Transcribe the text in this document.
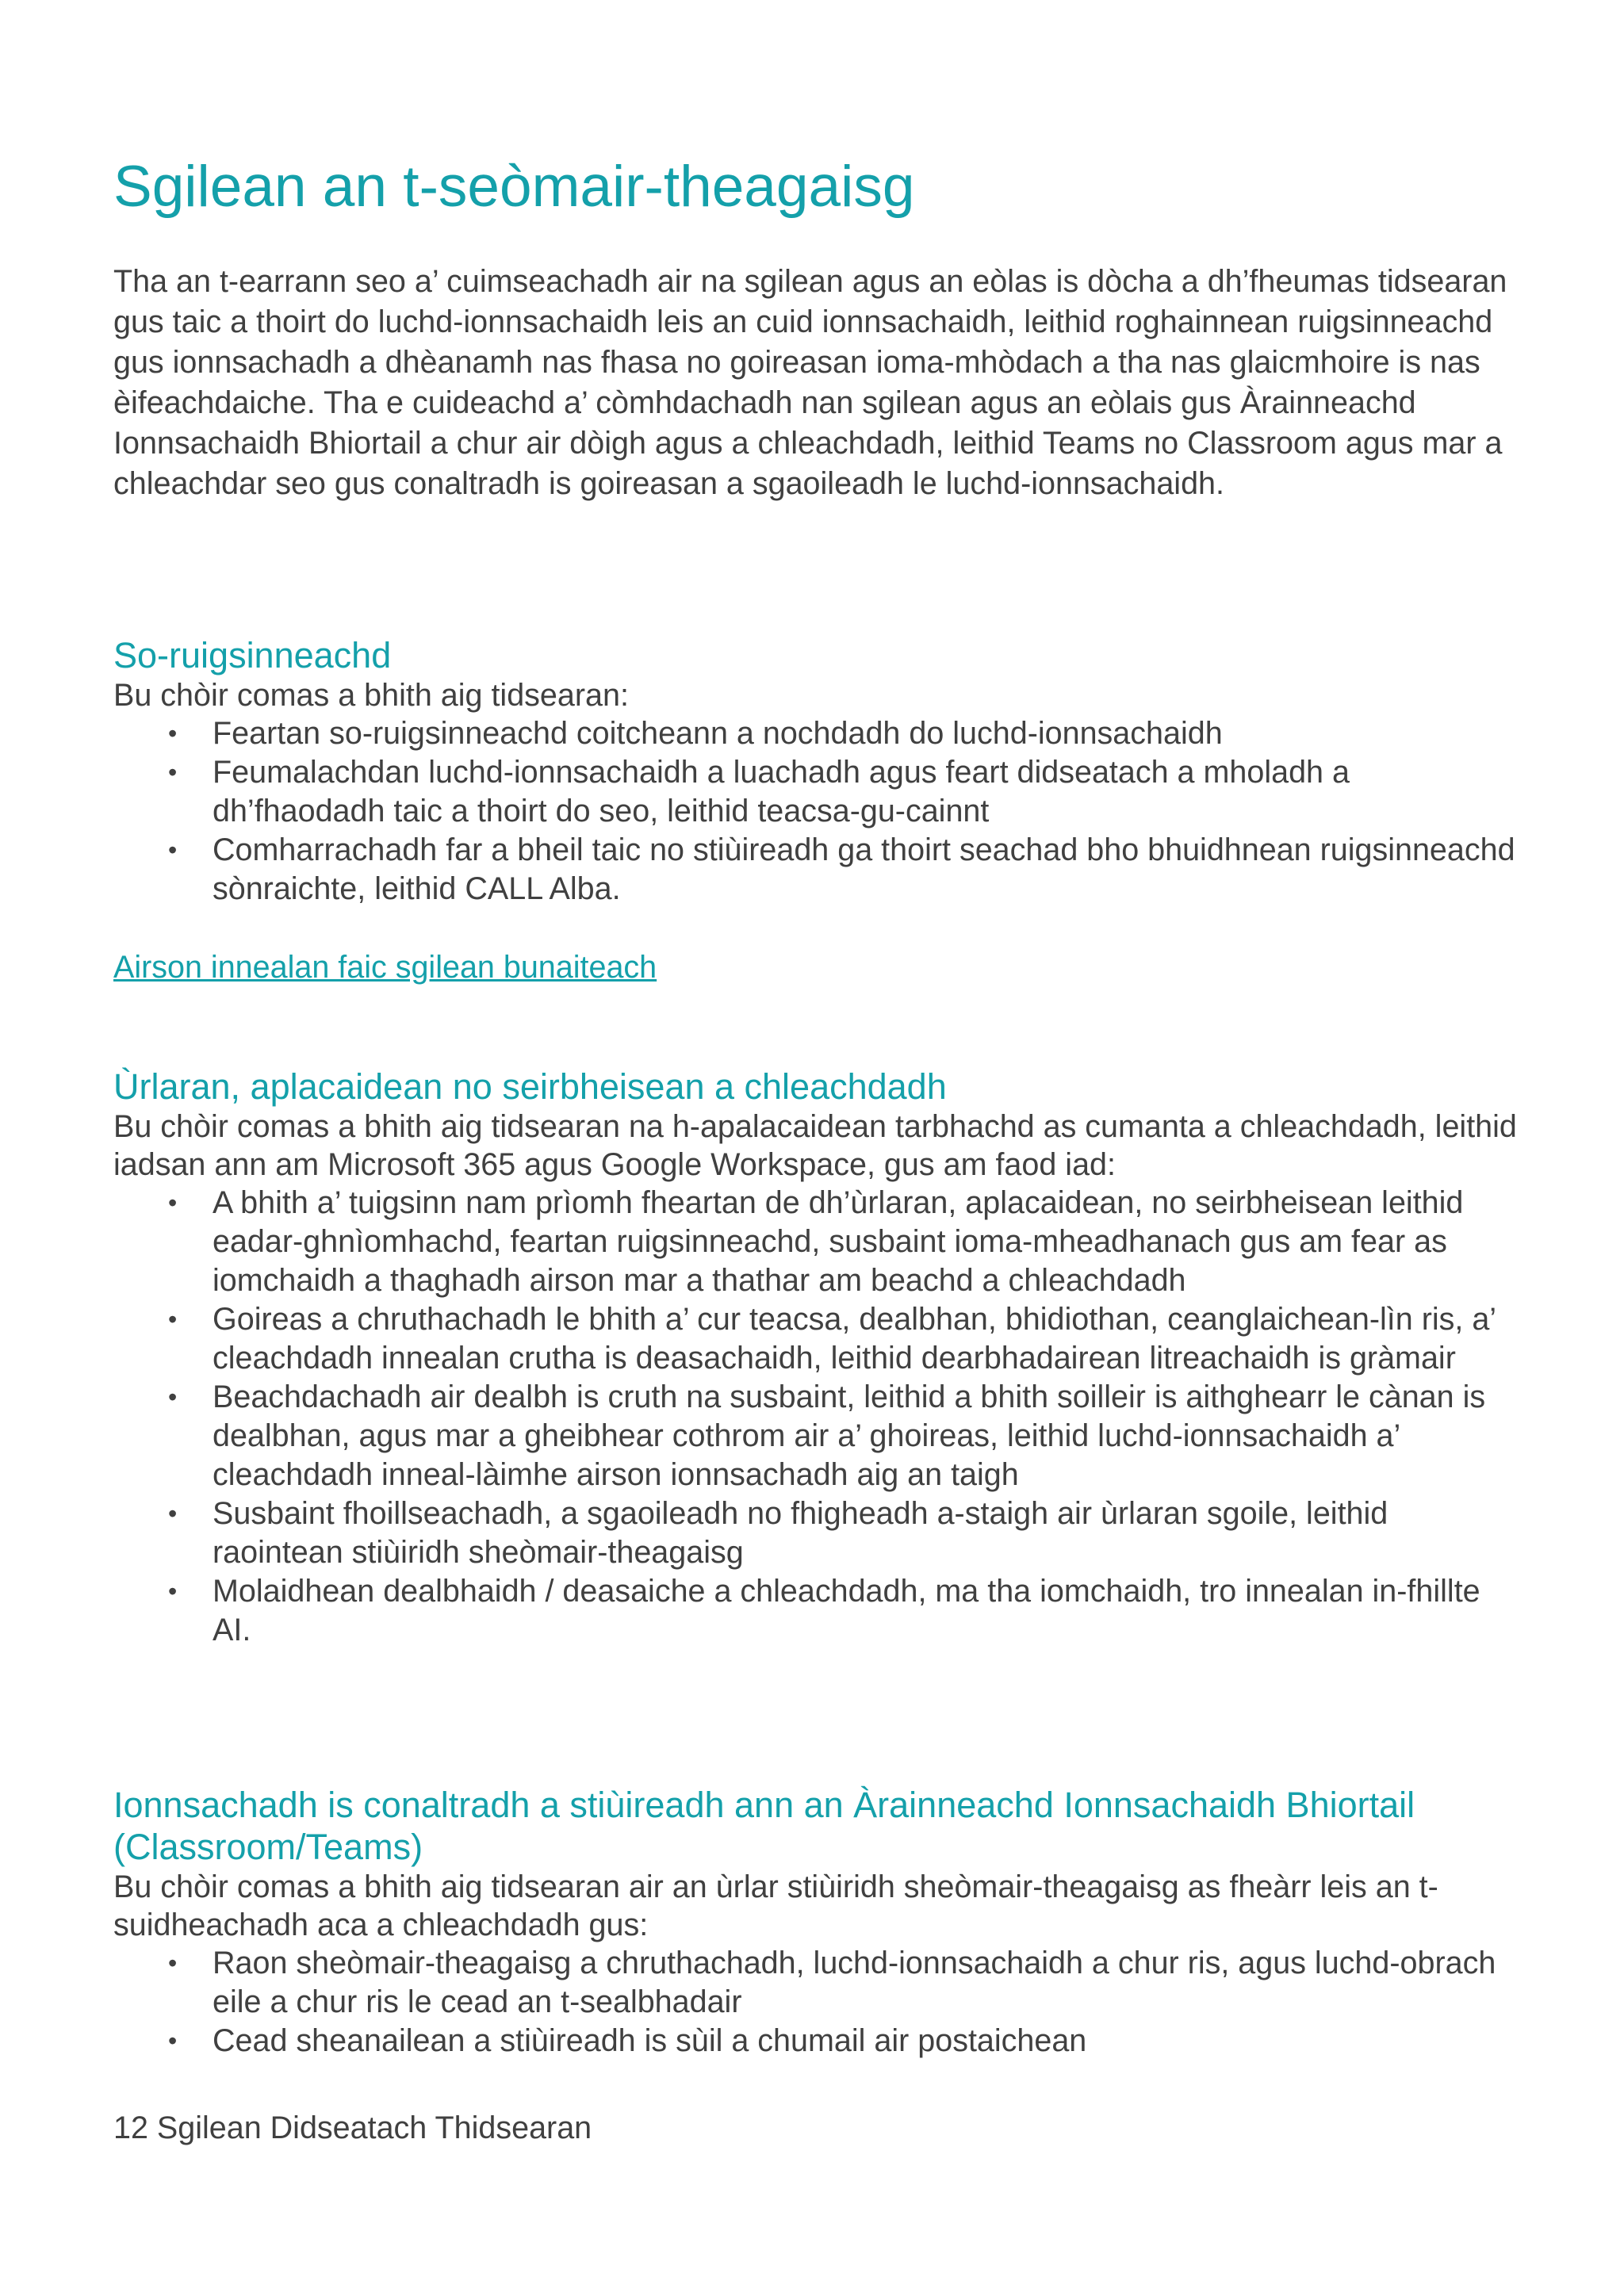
Sgilean an t-seòmair-theagaisg

Tha an t-earrann seo a’ cuimseachadh air na sgilean agus an eòlas is dòcha a dh’fheumas tidsearan gus taic a thoirt do luchd-ionnsachaidh leis an cuid ionnsachaidh, leithid roghainnean ruigsinneachd gus ionnsachadh a dhèanamh nas fhasa no goireasan ioma-mhòdach a tha nas glaicmhoire is nas èifeachdaiche. Tha e cuideachd a’ còmhdachadh nan sgilean agus an eòlais gus Àrainneachd Ionnsachaidh Bhiortail a chur air dòigh agus a chleachdadh, leithid Teams no Classroom agus mar a chleachdar seo gus conaltradh is goireasan a sgaoileadh le luchd-ionnsachaidh.

So-ruigsinneachd

Bu chòir comas a bhith aig tidsearan:

• Feartan so-ruigsinneachd coitcheann a nochdadh do luchd-ionnsachaidh
• Feumalachdan luchd-ionnsachaidh a luachadh agus feart didseatach a mholadh a dh’fhaodadh taic a thoirt do seo, leithid teacsa-gu-cainnt
• Comharrachadh far a bheil taic no stiùireadh ga thoirt seachad bho bhuidhnean ruigsinneachd sònraichte, leithid CALL Alba.
Airson innealan faic sgilean bunaiteach
Ùrlaran, aplacaidean no seirbheisean a chleachdadh

Bu chòir comas a bhith aig tidsearan na h-apalacaidean tarbhachd as cumanta a chleachdadh, leithid iadsan ann am Microsoft 365 agus Google Workspace, gus am faod iad:

• A bhith a’ tuigsinn nam prìomh fheartan de dh’ùrlaran, aplacaidean, no seirbheisean leithid eadar-ghnìomhachd, feartan ruigsinneachd, susbaint ioma-mheadhanach gus am fear as iomchaidh a thaghadh airson mar a thathar am beachd a chleachdadh
• Goireas a chruthachadh le bhith a’ cur teacsa, dealbhan, bhidiothan, ceanglaichean-lìn ris, a’ cleachdadh innealan crutha is deasachaidh, leithid dearbhadairean litreachaidh is gràmair
• Beachdachadh air dealbh is cruth na susbaint, leithid a bhith soilleir is aithghearr le cànan is dealbhan, agus mar a gheibhear cothrom air a’ ghoireas, leithid luchd-ionnsachaidh a’ cleachdadh inneal-làimhe airson ionnsachadh aig an taigh
• Susbaint fhoillseachadh, a sgaoileadh no fhigheadh a-staigh air ùrlaran sgoile, leithid raointean stiùiridh sheòmair-theagaisg
• Molaidhean dealbhaidh / deasaiche a chleachdadh, ma tha iomchaidh, tro innealan in-fhillte AI.
Ionnsachadh is conaltradh a stiùireadh ann an Àrainneachd Ionnsachaidh Bhiortail (Classroom/Teams)

Bu chòir comas a bhith aig tidsearan air an ùrlar stiùiridh sheòmair-theagaisg as fheàrr leis an t-suidheachadh aca a chleachdadh gus:

• Raon sheòmair-theagaisg a chruthachadh, luchd-ionnsachaidh a chur ris, agus luchd-obrach eile a chur ris le cead an t-sealbhadair
• Cead sheanailean a stiùireadh is sùil a chumail air postaichean
12 Sgilean Didseatach Thidsearan
